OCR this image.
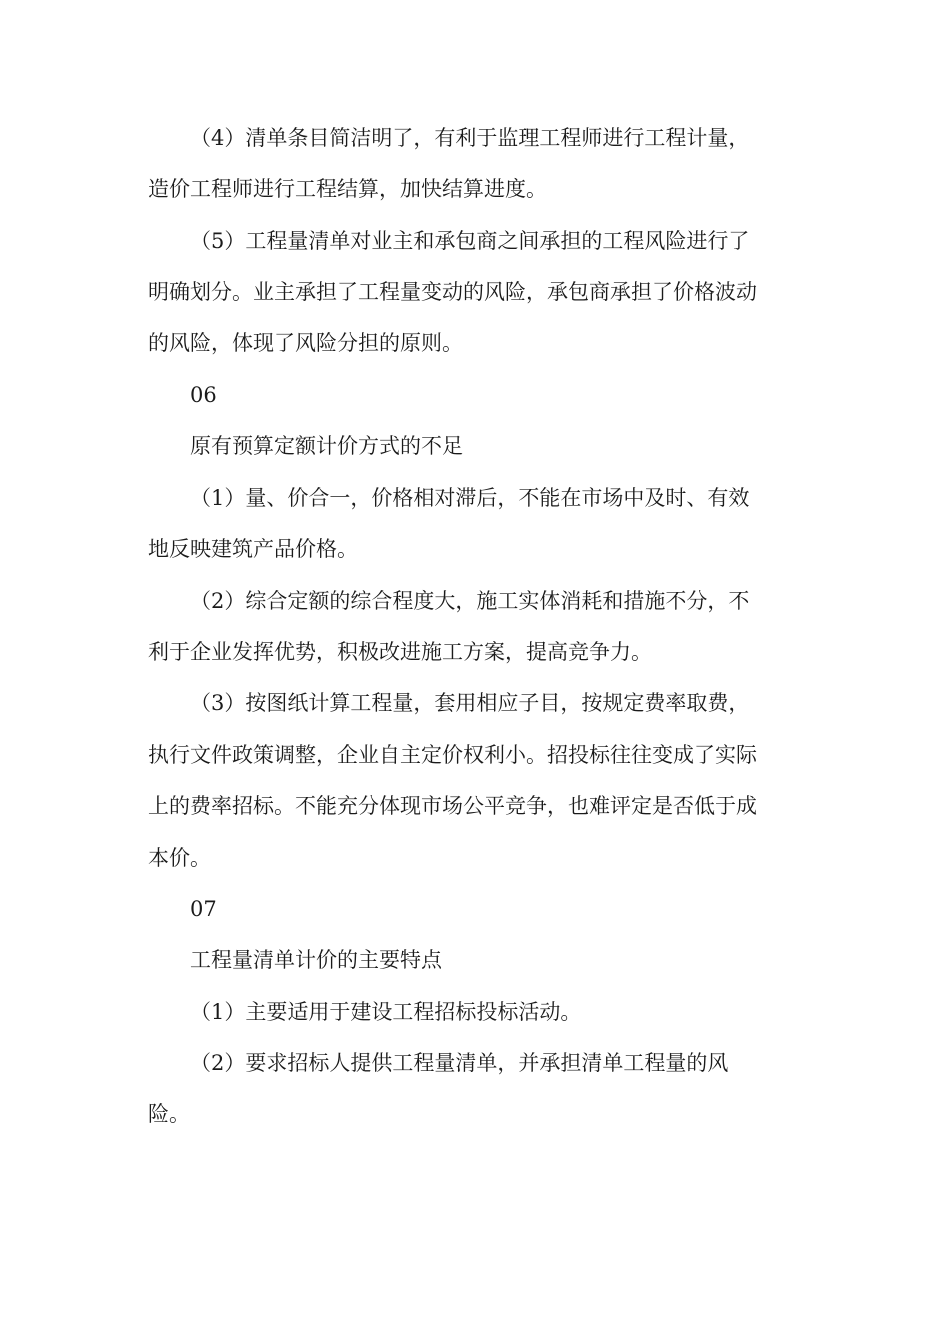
（4）清单条目简洁明了，有利于监理工程师进行工程计量，
造价工程师进行工程结算，加快结算进度。
（5）工程量清单对业主和承包商之间承担的工程风险进行了
明确划分。业主承担了工程量变动的风险，承包商承担了价格波动
的风险，体现了风险分担的原则。
06
原有预算定额计价方式的不足
（1）量、价合一，价格相对滞后，不能在市场中及时、有效
地反映建筑产品价格。
（2）综合定额的综合程度大，施工实体消耗和措施不分，不
利于企业发挥优势，积极改进施工方案，提高竞争力。
（3）按图纸计算工程量，套用相应子目，按规定费率取费，
执行文件政策调整，企业自主定价权利小。招投标往往变成了实际
上的费率招标。不能充分体现市场公平竞争，也难评定是否低于成
本价。
07
工程量清单计价的主要特点
（1）主要适用于建设工程招标投标活动。
（2）要求招标人提供工程量清单，并承担清单工程量的风
险。
